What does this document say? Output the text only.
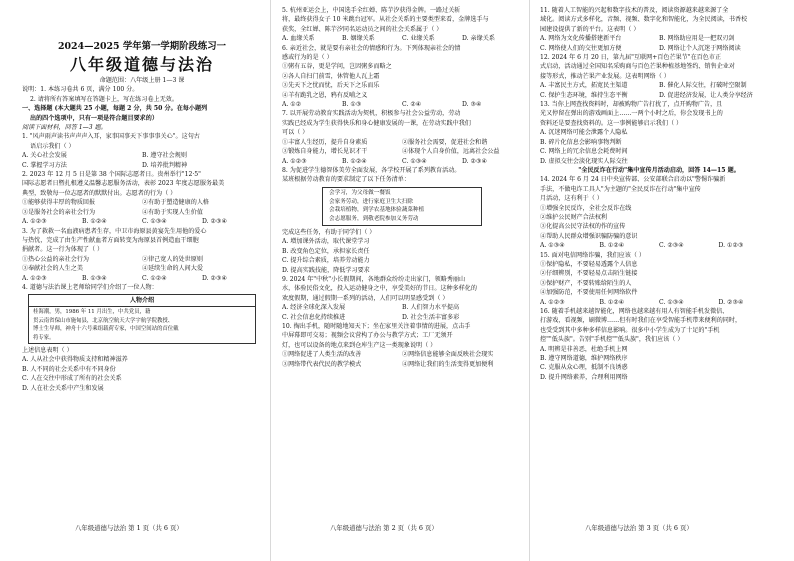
2024—2025 学年第一学期阶段练习一
八年级道德与法治
命题范围：八年级上册 1—3 课
说明：1. 本练习卷共 6 页，满分 100 分。
2. 请将所有答案填写在答题卡上，写在练习卷上无效。
一、选择题 (本大题共 25 小题，每题 2 分，共 50 分。在每小题列
出的四个选项中，只有一项是符合题目要求的）
阅读下面材料，回答 1—3 题。
1. "风声雨声读书声声声入耳，家事国事天下事事事关心"。这句古
语启示我们（ ）
A. 关心社会发展	B. 遵守社会规则
C. 掌握学习方法	D. 培养批判精神
2. 2023 年 12 月 5 日是第 38 个国际志愿者日。贵州举行"12·5"
国际志愿者日暨扎根遵义温馨志愿服务活动，表彰 2023 年度志愿服务最美
典型，致敬每一位志愿者的默默付出。志愿者的行为（ ）
①能够获得丰厚的物质回报	②有助于塑造健康的人格
③是服务社会的亲社会行为	④有助于实现人生价值
A. ①②③	B. ①②④	C. ①③④	D. ②③④
3. 为了救救一名血液病患者生存，中卫市海原县黄宴先生用他的爱心
与热忱，完成了由生产性献血者方面转变为海原县首例造血干细胞
捐献者。这一行为体现了（ ）
①热心公益的亲社会行为	②律己宽人的处世原则
③奉献社会的人生之美	④延续生命的人间大爱
A. ①②③	B. ①③④	C. ①②④	D. ②③④
4. 道德与法治课上老师给同学们介绍了一位人物：
人物介绍
桂海潮，男，1986 年 11 月出生，中共党员，籍
贯云南省保山市施甸县，北京航空航天大学宇航学院教授、
博士生导师，神舟十六号乘组载荷专家，中国空间站的首位戴
将专家。
上述信息表明（ ）
A. 人从社会中获得物质支持和精神滋养
B. 人不同的社会关系中有不同身份
C. 人在交往中形成了所有的社会关系
D. 人在社会关系中产生和发展
5. 杭州亚运会上，中国选手全红婵、陈芋汐获得金牌。一路过关斩
将，最终获得女子 10 米跳台冠军。从社会关系的主要类型来看，金牌选手与
获奖，全红婵、陈芋汐同名运动员之间的社会关系属于（ ）
A. 血缘关系	B. 姻缘关系	C. 业缘关系	D. 亲缘关系
6. 亲近社会，就是要有亲社会的情感和行为。下列体现亲社会的情
感或行为的是（ ）
①粥有五谷，更是学问，岂因粥多而略之
②各人自扫门前雪，休管他人瓦上霜
③先天下之忧而忧，后天下之乐而乐
④羊有跪乳之恩，鸦有反哺之义
A. ①②	B. ①③	C. ②④	D. ③④
7. 以开展劳动教育实践活动为契机，积极参与社会公益劳动，劳动
实践已经成为学生获得快乐和身心健康发展的一课，在劳动实践中我们
可以（ ）
①丰富人生经历，提升自身素质	②服务社会需要，促进社会和谐
③锻炼自身能力，增长见识才干	④体现个人自身价值，远离社会公益
A. ①②③	B. ①②④	C. ①③④	D. ②③④
8. 为促进学生德智体美劳全面发展，各学校开展了系列教育活动。
某班根据劳动教育的要求制定了以下任务清单：
会学习，为父母做一餐饭
会家务劳动，进行家庭卫生大扫除
会栽培植物，到学农基地体验蔬菜种植
会志愿服务，到敬老院参加义务劳动
完成这些任务，有助于同学们（ ）
A. 增加课外活动，取代课堂学习
B. 改变角色定位，承担家长责任
C. 提升综合素质，培养劳动能力
D. 提高实践技能，降低学习要求
9. 2024 年"中秋"小长假期间，各地群众纷纷走出家门，领略秀丽山
水，体验民俗文化，投入运动健身之中，享受美好的节日。这种多样化的
欢度假期，通过假期一系列的活动，人们可以明显感受到（ ）
A. 经济全球化深入发展	B. 人们智力水平提高
C. 社会信息化持续推进	D. 社会生活丰富多彩
10. 掏出手机，随时随地知天下；坐在家里关注着事情的进展，点击手
中屏幕即可交易；视频会议营构了办公与教学方式；工厂无须开
灯，也可以设备的地点来到仓库生产这一类现象说明（ ）
①网络促进了人类生活的改善	②网络信息能够全面反映社会现实
③网络带代表代民的教学模式	④网络让我们的生活变得更加便利
11. 随着人工智能的兴起和数字技术的普及，阅读资源越来越来源了全
域化。阅读方式多样化，音频、视频、数字化和智能化，为全民阅读，书香校
园建设提供了新的平台。这表明（ ）
A. 网络为文化传播搭建新平台	B. 网络助应用是一把双刃剑
C. 网络使人们的交往更加方便	D. 网络让个人沉迷于网络阅读
12. 2024 年 6 月 20 日，第九届"互联网+百色芒果节"在百色市正
式启动，活动通过全国知名采购商与百色芒果种植基地签约、销售企业对
接等形式，推动芒果产业发展。这表明网络（ ）
A. 丰富民主方式，拓宽民主渠道	B. 催化人际交往，打破时空限制
C. 保护生态环境，维持生态平衡	D. 促进经济发展，让人类分享经济
13. 当你上网查找资料时，却被购物广告打扰了，点开购物广告，且
光又停留在弹出的游戏画面上……一两个小时之后，你会发现书上的
资料还是要查找资料的。这一事例能够启示我们（ ）
A. 沉迷网络可能会泄露个人隐私
B. 碎片化信息会影响事物判断
C. 网络上的冗余信息会耗费时间
D. 虚拟交往会淡化现实人际交往
"全民反诈在行动"集中宣传月活动启动，回答 14—15 题。
14. 2024 年 6 月 24 日中央宣传部、公安部联合启动以"警惕诈骗新
手法，不做电诈工具人"为主题的"全民反诈在行动"集中宣传
月活动，这有利于（ ）
①增强全民反诈，全社会反诈在线
②维护公民财产合法权利
③化提高公民守法权的作的宣传
④帮助人民群众增强识骗防骗的意识
A. ①③④	B. ①②④	C. ②③④	D. ①②③
15. 面对电信网络诈骗，我们应该（ ）
①保护隐私，不要轻易透露个人信息
②仔细辨别，不要轻易点击陌生链接
③保护财产，不要转账给陌生的人
④加强防范，不要使用任何网络软件
A. ①②③	B. ①②④	C. ①③④	D. ②③④
16. 随着手机越来越智能化，网络也越来越有用人有智能手机发微信、
打游戏，看视频，刷微博……但有时我们在享受智能手机带来便利的同时，
也受受到其中多种多样信息影响。很多中小学生成为了十足的"手机
控""低头族"。告别"手机控""低头族"，我们应该（ ）
A. 明辨是非善恶，杜绝手机上网
B. 遵守网络道德，维护网络秩序
C. 克服从众心理，抵制不良诱惑
D. 提升网络素养，合理利用网络
八年级道德与法治 第 1 页（共 6 页）	八年级道德与法治 第 2 页（共 6 页）	八年级道德与法治 第 3 页（共 6 页）
